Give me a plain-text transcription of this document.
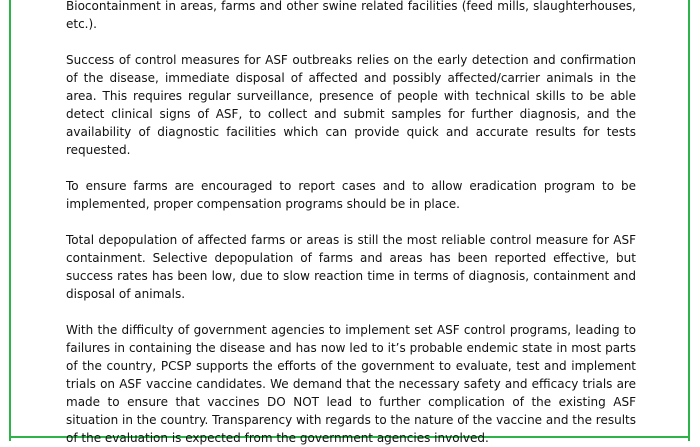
Biocontainment in areas, farms and other swine related facilities (feed mills, slaughterhouses, etc.).

Success of control measures for ASF outbreaks relies on the early detection and confirmation of the disease, immediate disposal of affected and possibly affected/carrier animals in the area. This requires regular surveillance, presence of people with technical skills to be able detect clinical signs of ASF, to collect and submit samples for further diagnosis, and the availability of diagnostic facilities which can provide quick and accurate results for tests requested.

To ensure farms are encouraged to report cases and to allow eradication program to be implemented, proper compensation programs should be in place.

Total depopulation of affected farms or areas is still the most reliable control measure for ASF containment. Selective depopulation of farms and areas has been reported effective, but success rates has been low, due to slow reaction time in terms of diagnosis, containment and disposal of animals.

With the difficulty of government agencies to implement set ASF control programs, leading to failures in containing the disease and has now led to it’s probable endemic state in most parts of the country, PCSP supports the efforts of the government to evaluate, test and implement trials on ASF vaccine candidates. We demand that the necessary safety and efficacy trials are made to ensure that vaccines DO NOT lead to further complication of the existing ASF situation in the country. Transparency with regards to the nature of the vaccine and the results of the evaluation is expected from the government agencies involved.
